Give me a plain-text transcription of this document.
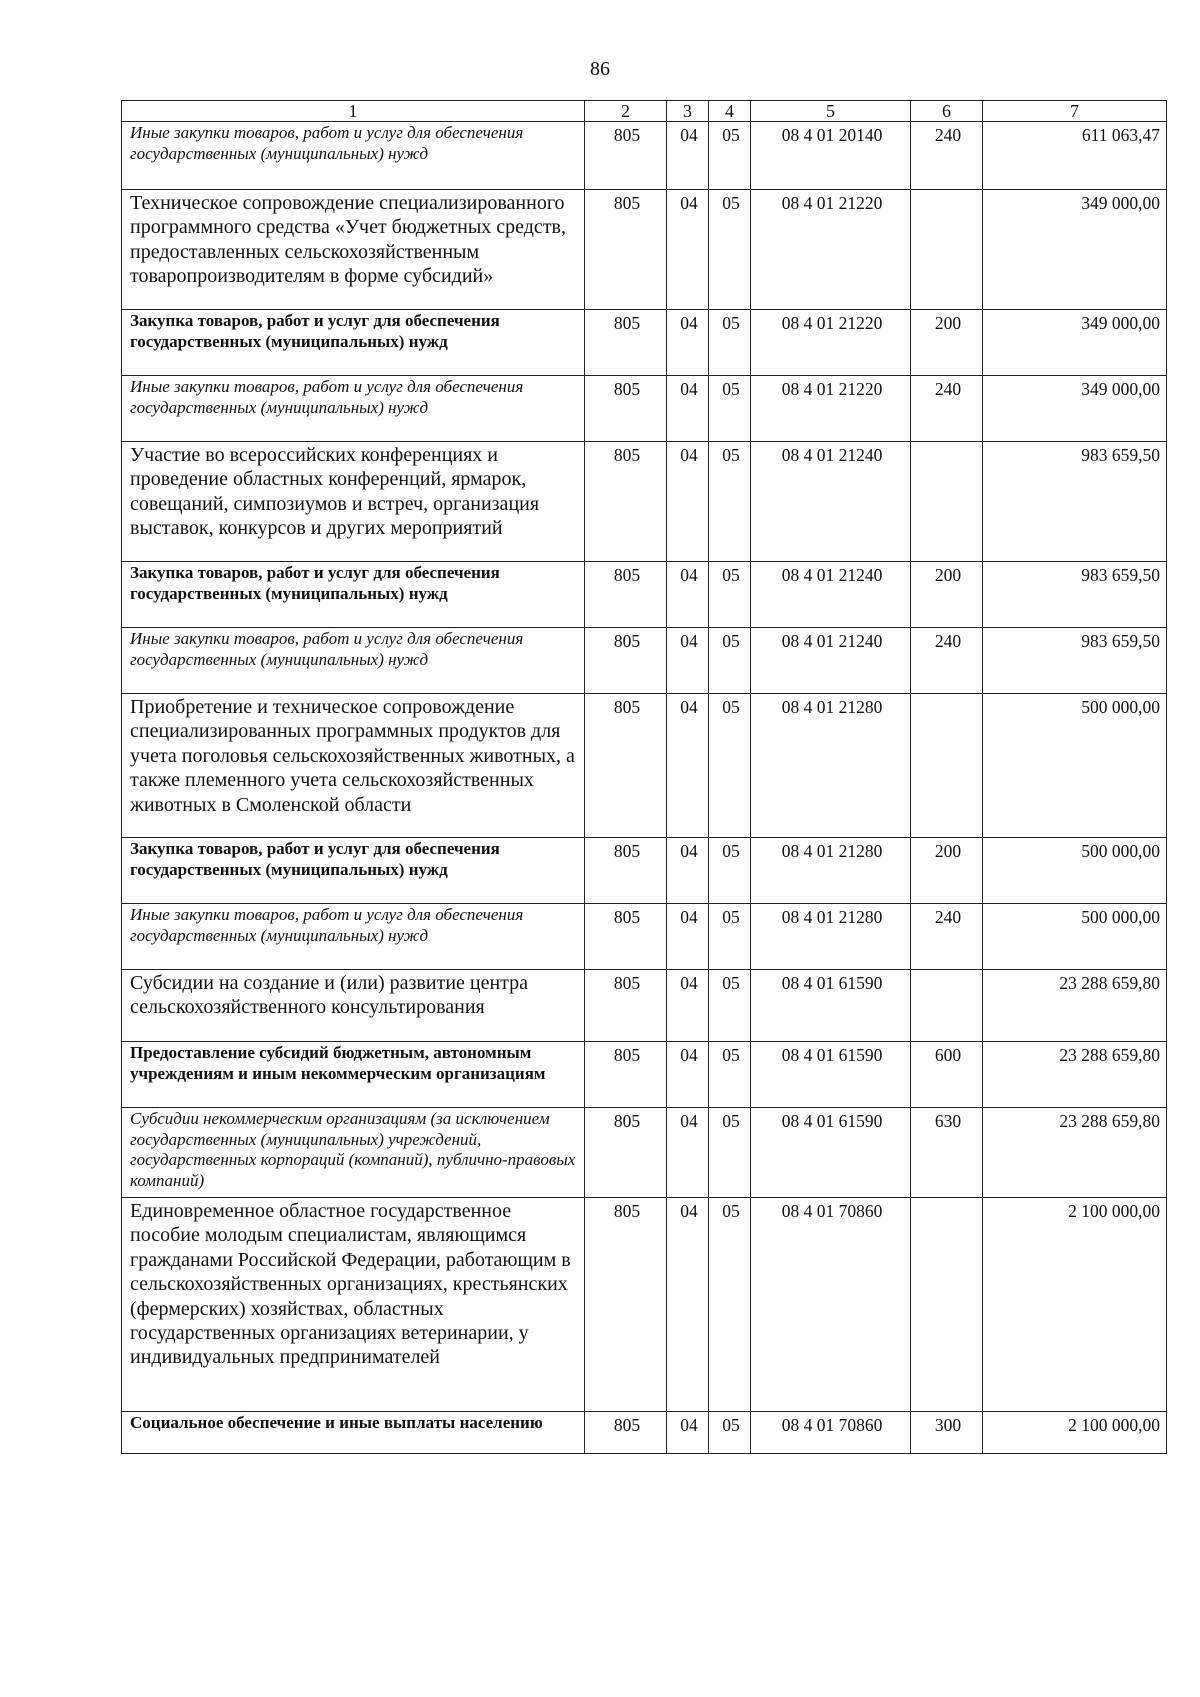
86
1	2	3	4	5	6	7
Иные закупки товаров, работ и услуг для обеспечения государственных (муниципальных) нужд	805	04	05	08 4 01 20140	240	611 063,47
Техническое сопровождение специализированного программного средства «Учет бюджетных средств, предоставленных сельскохозяйственным товаропроизводителям в форме субсидий»	805	04	05	08 4 01 21220		349 000,00
Закупка товаров, работ и услуг для обеспечения государственных (муниципальных) нужд	805	04	05	08 4 01 21220	200	349 000,00
Иные закупки товаров, работ и услуг для обеспечения государственных (муниципальных) нужд	805	04	05	08 4 01 21220	240	349 000,00
Участие во всероссийских конференциях и проведение областных конференций, ярмарок, совещаний, симпозиумов и встреч, организация выставок, конкурсов и других мероприятий	805	04	05	08 4 01 21240		983 659,50
Закупка товаров, работ и услуг для обеспечения государственных (муниципальных) нужд	805	04	05	08 4 01 21240	200	983 659,50
Иные закупки товаров, работ и услуг для обеспечения государственных (муниципальных) нужд	805	04	05	08 4 01 21240	240	983 659,50
Приобретение и техническое сопровождение специализированных программных продуктов для учета поголовья сельскохозяйственных животных, а также племенного учета сельскохозяйственных животных в Смоленской области	805	04	05	08 4 01 21280		500 000,00
Закупка товаров, работ и услуг для обеспечения государственных (муниципальных) нужд	805	04	05	08 4 01 21280	200	500 000,00
Иные закупки товаров, работ и услуг для обеспечения государственных (муниципальных) нужд	805	04	05	08 4 01 21280	240	500 000,00
Субсидии на создание и (или) развитие центра сельскохозяйственного консультирования	805	04	05	08 4 01 61590		23 288 659,80
Предоставление субсидий бюджетным, автономным учреждениям и иным некоммерческим организациям	805	04	05	08 4 01 61590	600	23 288 659,80
Субсидии некоммерческим организациям (за исключением государственных (муниципальных) учреждений, государственных корпораций (компаний), публично-правовых компаний)	805	04	05	08 4 01 61590	630	23 288 659,80
Единовременное областное государственное пособие молодым специалистам, являющимся гражданами Российской Федерации, работающим в сельскохозяйственных организациях, крестьянских (фермерских) хозяйствах, областных государственных организациях ветеринарии, у индивидуальных предпринимателей	805	04	05	08 4 01 70860		2 100 000,00
Социальное обеспечение и иные выплаты населению	805	04	05	08 4 01 70860	300	2 100 000,00
